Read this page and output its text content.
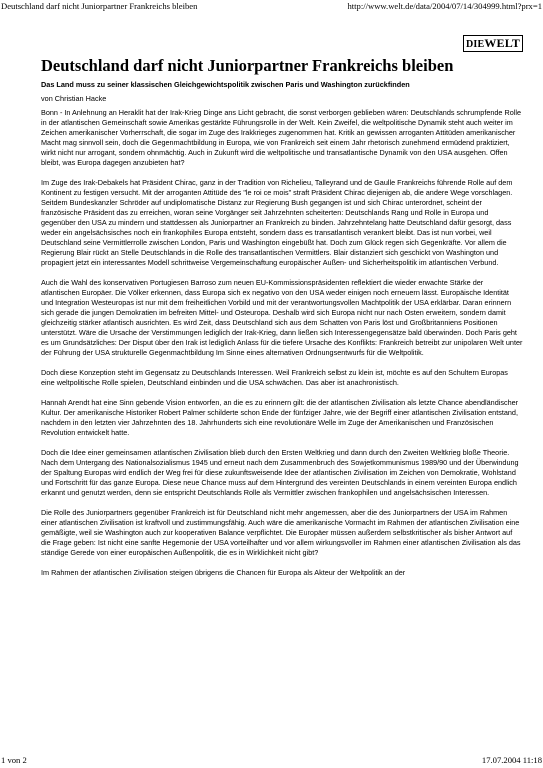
Deutschland darf nicht Juniorpartner Frankreichs bleiben	http://www.welt.de/data/2004/07/14/304999.html?prx=1
DIEWELT
Deutschland darf nicht Juniorpartner Frankreichs bleiben
Das Land muss zu seiner klassischen Gleichgewichtspolitik zwischen Paris und Washington zurückfinden
von Christian Hacke

Bonn - In Anlehnung an Heraklit hat der Irak-Krieg Dinge ans Licht gebracht, die sonst verborgen geblieben wären: Deutschlands schrumpfende Rolle in der atlantischen Gemeinschaft sowie Amerikas gestärkte Führungsrolle in der Welt. Kein Zweifel, die weltpolitische Dynamik steht auch weiter im Zeichen amerikanischer Vorherrschaft, die sogar im Zuge des Irakkrieges zugenommen hat. Kritik an gewissen arroganten Attitüden amerikanischer Macht mag sinnvoll sein, doch die Gegenmachtbildung in Europa, wie von Frankreich seit einem Jahr rhetorisch zunehmend ermüdend praktiziert, wirkt nicht nur arrogant, sondern ohnmächtig. Auch in Zukunft wird die weltpolitische und transatlantische Dynamik von den USA ausgehen. Offen bleibt, was Europa dagegen anzubieten hat?

Im Zuge des Irak-Debakels hat Präsident Chirac, ganz in der Tradition von Richelieu, Talleyrand und de Gaulle Frankreichs führende Rolle auf dem Kontinent zu festigen versucht. Mit der arroganten Attitüde des "le roi ce mois" straft Präsident Chirac diejenigen ab, die andere Wege vorschlagen. Seitdem Bundeskanzler Schröder auf undiplomatische Distanz zur Regierung Bush gegangen ist und sich Chirac unterordnet, scheint der französische Präsident das zu erreichen, woran seine Vorgänger seit Jahrzehnten scheiterten: Deutschlands Rang und Rolle in Europa und gegenüber den USA zu mindern und stattdessen als Juniorpartner an Frankreich zu binden. Jahrzehntelang hatte Deutschland dafür gesorgt, dass weder ein angelsächsisches noch ein frankophiles Europa entsteht, sondern dass es transatlantisch verankert bleibt. Das ist nun vorbei, weil Deutschland seine Vermittlerrolle zwischen London, Paris und Washington eingebüßt hat. Doch zum Glück regen sich Gegenkräfte. Vor allem die Regierung Blair rückt an Stelle Deutschlands in die Rolle des transatlantischen Vermittlers. Blair distanziert sich geschickt von Washington und propagiert jetzt ein interessantes Modell schrittweise Vergemeinschaftung europäischer Außen- und Sicherheitspolitik im atlantischen Verbund.

Auch die Wahl des konservativen Portugiesen Barroso zum neuen EU-Kommissionspräsidenten reflektiert die wieder erwachte Stärke der atlantischen Europäer. Die Völker erkennen, dass Europa sich ex negativo von den USA weder einigen noch erneuern lässt. Europäische Identität und Integration Westeuropas ist nur mit dem freiheitlichen Vorbild und mit der verantwortungsvollen Machtpolitik der USA erklärbar. Daran erinnern sich gerade die jungen Demokratien im befreiten Mittel- und Osteuropa. Deshalb wird sich Europa nicht nur nach Osten erweitern, sondern damit gleichzeitig stärker atlantisch ausrichten. Es wird Zeit, dass Deutschland sich aus dem Schatten von Paris löst und Großbritanniens Positionen unterstützt. Wäre die Ursache der Verstimmungen lediglich der Irak-Krieg, dann ließen sich Interessengegensätze bald überwinden. Doch Paris geht es um Grundsätzliches: Der Disput über den Irak ist lediglich Anlass für die tiefere Ursache des Konflikts: Frankreich betreibt zur unipolaren Welt unter der Führung der USA strukturelle Gegenmachtbildung Im Sinne eines alternativen Ordnungsentwurfs für die Weltpolitik.

Doch diese Konzeption steht im Gegensatz zu Deutschlands Interessen. Weil Frankreich selbst zu klein ist, möchte es auf den Schultern Europas eine weltpolitische Rolle spielen, Deutschland einbinden und die USA schwächen. Das aber ist anachronistisch.

Hannah Arendt hat eine Sinn gebende Vision entworfen, an die es zu erinnern gilt: die der atlantischen Zivilisation als letzte Chance abendländischer Kultur. Der amerikanische Historiker Robert Palmer schilderte schon Ende der fünfziger Jahre, wie der Begriff einer atlantischen Zivilisation entstand, nachdem in den letzten vier Jahrzehnten des 18. Jahrhunderts sich eine revolutionäre Welle im Zuge der Amerikanischen und Französischen Revolution entwickelt hatte.

Doch die Idee einer gemeinsamen atlantischen Zivilisation blieb durch den Ersten Weltkrieg und dann durch den Zweiten Weltkrieg bloße Theorie. Nach dem Untergang des Nationalsozialismus 1945 und erneut nach dem Zusammenbruch des Sowjetkommunismus 1989/90 und der Überwindung der Spaltung Europas wird endlich der Weg frei für diese zukunftsweisende Idee der atlantischen Zivilisation im Zeichen von Demokratie, Wohlstand und Fortschritt für das ganze Europa. Diese neue Chance muss auf dem Hintergrund des vereinten Deutschlands in einem vereinten Europa endlich erkannt und genutzt werden, denn sie entspricht Deutschlands Rolle als Vermittler zwischen frankophilen und angelsächsischen Interessen.

Die Rolle des Juniorpartners gegenüber Frankreich ist für Deutschland nicht mehr angemessen, aber die des Juniorpartners der USA im Rahmen einer atlantischen Zivilisation ist kraftvoll und zustimmungsfähig. Auch wäre die amerikanische Vormacht im Rahmen der atlantischen Zivilisation eine gemäßigte, weil sie Washington auch zur kooperativen Balance verpflichtet. Die Europäer müssen außerdem selbstkritischer als bisher Antwort auf die Frage geben: Ist nicht eine sanfte Hegemonie der USA vorteilhafter und vor allem wirkungsvoller im Rahmen einer atlantischen Zivilisation als das ständige Gerede von einer europäischen Außenpolitik, die es in Wirklichkeit nicht gibt?

Im Rahmen der atlantischen Zivilisation steigen übrigens die Chancen für Europa als Akteur der Weltpolitik an der

1 von 2	17.07.2004 11:18
